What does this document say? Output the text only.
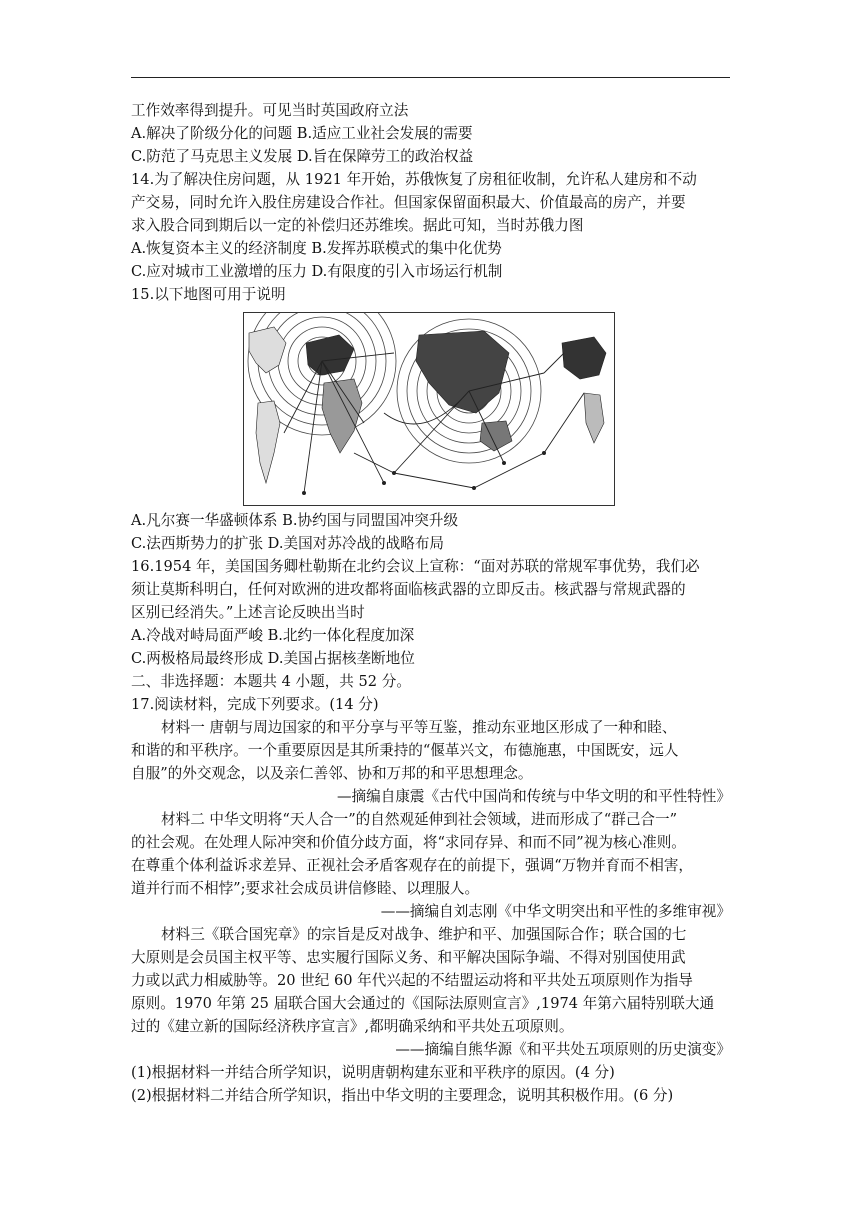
工作效率得到提升。可见当时英国政府立法
A.解决了阶级分化的问题 B.适应工业社会发展的需要
C.防范了马克思主义发展 D.旨在保障劳工的政治权益
14.为了解决住房问题，从 1921 年开始，苏俄恢复了房租征收制，允许私人建房和不动
产交易，同时允许入股住房建设合作社。但国家保留面积最大、价值最高的房产，并要
求入股合同到期后以一定的补偿归还苏维埃。据此可知，当时苏俄力图
A.恢复资本主义的经济制度 B.发挥苏联模式的集中化优势
C.应对城市工业激增的压力 D.有限度的引入市场运行机制
15.以下地图可用于说明
A.凡尔赛一华盛顿体系 B.协约国与同盟国冲突升级
C.法西斯势力的扩张 D.美国对苏冷战的战略布局
16.1954 年，美国国务卿杜勒斯在北约会议上宣称：“面对苏联的常规军事优势，我们必
须让莫斯科明白，任何对欧洲的进攻都将面临核武器的立即反击。核武器与常规武器的
区别已经消失。”上述言论反映出当时
A.冷战对峙局面严峻 B.北约一体化程度加深
C.两极格局最终形成 D.美国占据核垄断地位
二、非选择题：本题共 4 小题，共 52 分。
17.阅读材料，完成下列要求。(14 分)
材料一 唐朝与周边国家的和平分享与平等互鉴，推动东亚地区形成了一种和睦、
和谐的和平秩序。一个重要原因是其所秉持的“偃革兴文，布德施惠，中国既安，远人
自服”的外交观念，以及亲仁善邻、协和万邦的和平思想理念。
—摘编自康震《古代中国尚和传统与中华文明的和平性特性》
材料二 中华文明将“天人合一”的自然观延伸到社会领域，进而形成了“群己合一”
的社会观。在处理人际冲突和价值分歧方面，将“求同存异、和而不同”视为核心准则。
在尊重个体利益诉求差异、正视社会矛盾客观存在的前提下，强调“万物并育而不相害，
道并行而不相悖”;要求社会成员讲信修睦、以理服人。
——摘编自刘志刚《中华文明突出和平性的多维审视》
材料三《联合国宪章》的宗旨是反对战争、维护和平、加强国际合作；联合国的七
大原则是会员国主权平等、忠实履行国际义务、和平解决国际争端、不得对别国使用武
力或以武力相威胁等。20 世纪 60 年代兴起的不结盟运动将和平共处五项原则作为指导
原则。1970 年第 25 届联合国大会通过的《国际法原则宣言》,1974 年第六届特别联大通
过的《建立新的国际经济秩序宣言》,都明确采纳和平共处五项原则。
——摘编自熊华源《和平共处五项原则的历史演变》
(1)根据材料一并结合所学知识，说明唐朝构建东亚和平秩序的原因。(4 分)
(2)根据材料二并结合所学知识，指出中华文明的主要理念，说明其积极作用。(6 分)
